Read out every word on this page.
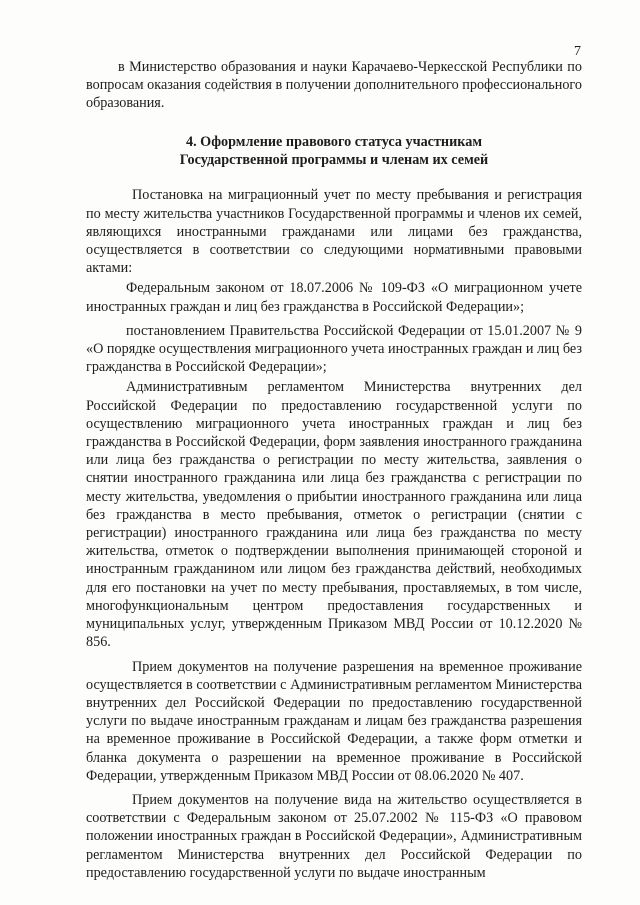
7

в Министерство образования и науки Карачаево-Черкесской Республики по вопросам оказания содействия в получении дополнительного профессионального образования.

4. Оформление правового статуса участникам
Государственной программы и членам их семей

Постановка на миграционный учет по месту пребывания и регистрация по месту жительства участников Государственной программы и членов их семей, являющихся иностранными гражданами или лицами без гражданства, осуществляется в соответствии со следующими нормативными правовыми актами:

Федеральным законом от 18.07.2006 № 109-ФЗ «О миграционном учете иностранных граждан и лиц без гражданства в Российской Федерации»;

постановлением Правительства Российской Федерации от 15.01.2007 № 9 «О порядке осуществления миграционного учета иностранных граждан и лиц без гражданства в Российской Федерации»;

Административным регламентом Министерства внутренних дел Российской Федерации по предоставлению государственной услуги по осуществлению миграционного учета иностранных граждан и лиц без гражданства в Российской Федерации, форм заявления иностранного гражданина или лица без гражданства о регистрации по месту жительства, заявления о снятии иностранного гражданина или лица без гражданства с регистрации по месту жительства, уведомления о прибытии иностранного гражданина или лица без гражданства в место пребывания, отметок о регистрации (снятии с регистрации) иностранного гражданина или лица без гражданства по месту жительства, отметок о подтверждении выполнения принимающей стороной и иностранным гражданином или лицом без гражданства действий, необходимых для его постановки на учет по месту пребывания, проставляемых, в том числе, многофункциональным центром предоставления государственных и муниципальных услуг, утвержденным Приказом МВД России от 10.12.2020 № 856.

Прием документов на получение разрешения на временное проживание осуществляется в соответствии с Административным регламентом Министерства внутренних дел Российской Федерации по предоставлению государственной услуги по выдаче иностранным гражданам и лицам без гражданства разрешения на временное проживание в Российской Федерации, а также форм отметки и бланка документа о разрешении на временное проживание в Российской Федерации, утвержденным Приказом МВД России от 08.06.2020 № 407.

Прием документов на получение вида на жительство осуществляется в соответствии с Федеральным законом от 25.07.2002 № 115-ФЗ «О правовом положении иностранных граждан в Российской Федерации», Административным регламентом Министерства внутренних дел Российской Федерации по предоставлению государственной услуги по выдаче иностранным
